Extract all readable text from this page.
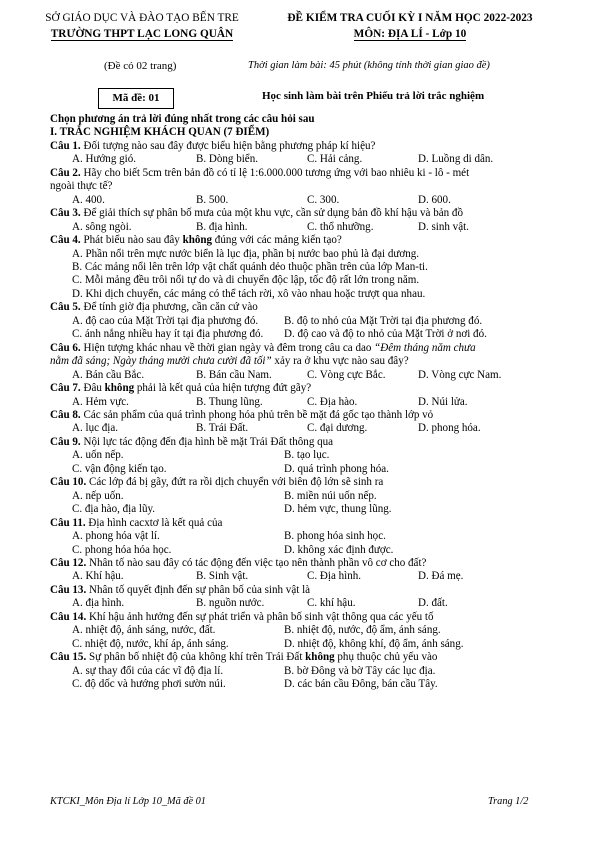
SỞ GIÁO DỤC VÀ ĐÀO TẠO BẾN TRE
TRƯỜNG THPT LẠC LONG QUÂN
ĐỀ KIỂM TRA CUỐI KỲ I NĂM HỌC 2022-2023
MÔN: ĐỊA LÍ - Lớp 10
(Đề có 02 trang)	Thời gian làm bài: 45 phút (không tính thời gian giao đề)
Mã đề: 01	Học sinh làm bài trên Phiếu trả lời trắc nghiệm

Chọn phương án trả lời đúng nhất trong các câu hỏi sau

I. TRẮC NGHIỆM KHÁCH QUAN (7 ĐIỂM)

Câu 1. Đối tượng nào sau đây được biểu hiện bằng phương pháp kí hiệu?

A. Hướng gió.	B. Dòng biển.	C. Hải cảng.	D. Luồng di dân.

Câu 2. Hãy cho biết 5cm trên bản đồ có tỉ lệ 1:6.000.000 tương ứng với bao nhiêu ki - lô - mét

ngoài thực tế?

A. 400.	B. 500.	C. 300.	D. 600.

Câu 3. Để giải thích sự phân bố mưa của một khu vực, cần sử dụng bản đồ khí hậu và bản đồ

A. sông ngòi.	B. địa hình.	C. thổ nhưỡng.	D. sinh vật.

Câu 4. Phát biểu nào sau đây không đúng với các mảng kiến tạo?

A. Phần nổi trên mực nước biển là lục địa, phần bị nước bao phủ là đại dương.

B. Các mảng nổi lên trên lớp vật chất quánh dẻo thuộc phần trên của lớp Man-ti.

C. Mỗi mảng đều trôi nổi tự do và di chuyển độc lập, tốc độ rất lớn trong năm.

D. Khi dịch chuyển, các mảng có thể tách rời, xô vào nhau hoặc trượt qua nhau.

Câu 5. Để tính giờ địa phương, cần căn cứ vào

A. độ cao của Mặt Trời tại địa phương đó.	B. độ to nhỏ của Mặt Trời tại địa phương đó.
C. ánh nắng nhiều hay ít tại địa phương đó.	D. độ cao và độ to nhỏ của Mặt Trời ở nơi đó.

Câu 6. Hiện tượng khác nhau về thời gian ngày và đêm trong câu ca dao “Đêm tháng năm chưa

nằm đã sáng; Ngày tháng mười chưa cười đã tối” xảy ra ở khu vực nào sau đây?

A. Bán cầu Bắc.	B. Bán cầu Nam.	C. Vòng cực Bắc.	D. Vòng cực Nam.

Câu 7. Đâu không phải là kết quả của hiện tượng đứt gãy?

A. Hẻm vực.	B. Thung lũng.	C. Địa hào.	D. Núi lửa.

Câu 8. Các sản phẩm của quá trình phong hóa phủ trên bề mặt đá gốc tạo thành lớp vỏ

A. lục địa.	B. Trái Đất.	C. đại dương.	D. phong hóa.

Câu 9. Nội lực tác động đến địa hình bề mặt Trái Đất thông qua

A. uốn nếp.	B. tạo lục.
C. vận động kiến tạo.	D. quá trình phong hóa.

Câu 10. Các lớp đá bị gãy, đứt ra rồi dịch chuyển với biên độ lớn sẽ sinh ra

A. nếp uốn.	B. miền núi uốn nếp.
C. địa hào, địa lũy.	D. hẻm vực, thung lũng.

Câu 11. Địa hình cacxtơ là kết quả của

A. phong hóa vật lí.	B. phong hóa sinh học.
C. phong hóa hóa học.	D. không xác định được.

Câu 12. Nhân tố nào sau đây có tác động đến việc tạo nên thành phần vô cơ cho đất?

A. Khí hậu.	B. Sinh vật.	C. Địa hình.	D. Đá mẹ.

Câu 13. Nhân tố quyết định đến sự phân bố của sinh vật là

A. địa hình.	B. nguồn nước.	C. khí hậu.	D. đất.

Câu 14. Khí hậu ảnh hưởng đến sự phát triển và phân bố sinh vật thông qua các yếu tố

A. nhiệt độ, ánh sáng, nước, đất.	B. nhiệt độ, nước, độ ẩm, ánh sáng.
C. nhiệt độ, nước, khí áp, ánh sáng.	D. nhiệt độ, không khí, độ ẩm, ánh sáng.

Câu 15. Sự phân bố nhiệt độ của không khí trên Trái Đất không phụ thuộc chủ yếu vào

A. sự thay đổi của các vĩ độ địa lí.	B. bờ Đông và bờ Tây các lục địa.
C. độ dốc và hướng phơi sườn núi.	D. các bán cầu Đông, bán cầu Tây.
KTCKI_Môn Địa lí Lớp 10_Mã đề 01	Trang 1/2
